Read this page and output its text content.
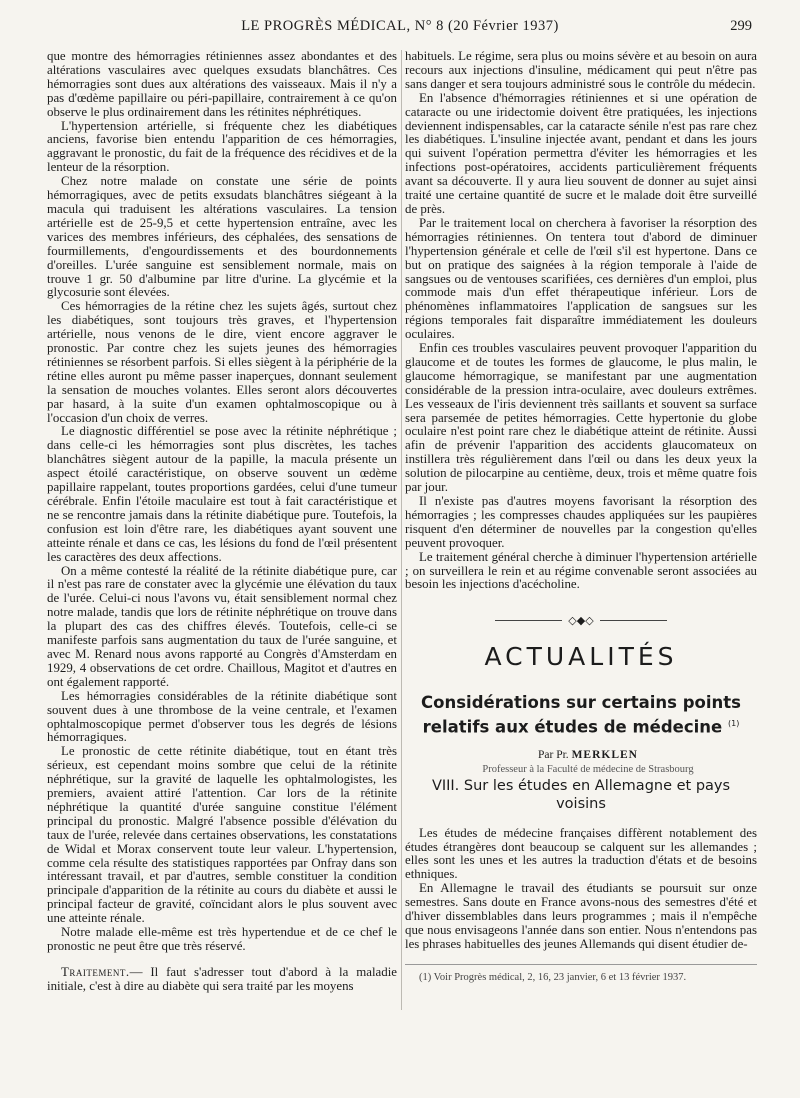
LE PROGRÈS MÉDICAL, N° 8 (20 Février 1937)	299

que montre des hémorragies rétiniennes assez abondantes et des altérations vasculaires avec quelques exsudats blanchâtres. Ces hémorragies sont dues aux altérations des vaisseaux. Mais il n'y a pas d'œdème papillaire ou péri-papillaire, contrairement à ce qu'on observe le plus ordinairement dans les rétinites néphrétiques.

L'hypertension artérielle, si fréquente chez les diabétiques anciens, favorise bien entendu l'apparition de ces hémorragies, aggravant le pronostic, du fait de la fréquence des récidives et de la lenteur de la résorption.

Chez notre malade on constate une série de points hémorragiques, avec de petits exsudats blanchâtres siégeant à la macula qui traduisent les altérations vasculaires. La tension artérielle est de 25-9,5 et cette hypertension entraîne, avec les varices des membres inférieurs, des céphalées, des sensations de fourmillements, d'engourdissements et des bourdonnements d'oreilles. L'urée sanguine est sensiblement normale, mais on trouve 1 gr. 50 d'albumine par litre d'urine. La glycémie et la glycosurie sont élevées.

Ces hémorragies de la rétine chez les sujets âgés, surtout chez les diabétiques, sont toujours très graves, et l'hypertension artérielle, nous venons de le dire, vient encore aggraver le pronostic. Par contre chez les sujets jeunes des hémorragies rétiniennes se résorbent parfois. Si elles siègent à la périphérie de la rétine elles auront pu même passer inaperçues, donnant seulement la sensation de mouches volantes. Elles seront alors découvertes par hasard, à la suite d'un examen ophtalmoscopique ou à l'occasion d'un choix de verres.

Le diagnostic différentiel se pose avec la rétinite néphrétique ; dans celle-ci les hémorragies sont plus discrètes, les taches blanchâtres siègent autour de la papille, la macula présente un aspect étoilé caractéristique, on observe souvent un œdème papillaire rappelant, toutes proportions gardées, celui d'une tumeur cérébrale. Enfin l'étoile maculaire est tout à fait caractéristique et ne se rencontre jamais dans la rétinite diabétique pure. Toutefois, la confusion est loin d'être rare, les diabétiques ayant souvent une atteinte rénale et dans ce cas, les lésions du fond de l'œil présentent les caractères des deux affections.

On a même contesté la réalité de la rétinite diabétique pure, car il n'est pas rare de constater avec la glycémie une élévation du taux de l'urée. Celui-ci nous l'avons vu, était sensiblement normal chez notre malade, tandis que lors de rétinite néphrétique on trouve dans la plupart des cas des chiffres élevés. Toutefois, celle-ci se manifeste parfois sans augmentation du taux de l'urée sanguine, et avec M. Renard nous avons rapporté au Congrès d'Amsterdam en 1929, 4 observations de cet ordre. Chaillous, Magitot et d'autres en ont également rapporté.

Les hémorragies considérables de la rétinite diabétique sont souvent dues à une thrombose de la veine centrale, et l'examen ophtalmoscopique permet d'observer tous les degrés de lésions hémorragiques.

Le pronostic de cette rétinite diabétique, tout en étant très sérieux, est cependant moins sombre que celui de la rétinite néphrétique, sur la gravité de laquelle les ophtalmologistes, les premiers, avaient attiré l'attention. Car lors de la rétinite néphrétique la quantité d'urée sanguine constitue l'élément principal du pronostic. Malgré l'absence possible d'élévation du taux de l'urée, relevée dans certaines observations, les constatations de Widal et Morax conservent toute leur valeur. L'hypertension, comme cela résulte des statistiques rapportées par Onfray dans son intéressant travail, et par d'autres, semble constituer la condition principale d'apparition de la rétinite au cours du diabète et aussi le principal facteur de gravité, coïncidant alors le plus souvent avec une atteinte rénale.

Notre malade elle-même est très hypertendue et de ce chef le pronostic ne peut être que très réservé.

Traitement.— Il faut s'adresser tout d'abord à la maladie initiale, c'est à dire au diabète qui sera traité par les moyens

habituels. Le régime, sera plus ou moins sévère et au besoin on aura recours aux injections d'insuline, médicament qui peut n'être pas sans danger et sera toujours administré sous le contrôle du médecin.

En l'absence d'hémorragies rétiniennes et si une opération de cataracte ou une iridectomie doivent être pratiquées, les injections deviennent indispensables, car la cataracte sénile n'est pas rare chez les diabétiques. L'insuline injectée avant, pendant et dans les jours qui suivent l'opération permettra d'éviter les hémorragies et les infections post-opératoires, accidents particulièrement fréquents avant sa découverte. Il y aura lieu souvent de donner au sujet ainsi traité une certaine quantité de sucre et le malade doit être surveillé de près.

Par le traitement local on cherchera à favoriser la résorption des hémorragies rétiniennes. On tentera tout d'abord de diminuer l'hypertension générale et celle de l'œil s'il est hypertone. Dans ce but on pratique des saignées à la région temporale à l'aide de sangsues ou de ventouses scarifiées, ces dernières d'un emploi, plus commode mais d'un effet thérapeutique inférieur. Lors de phénomènes inflammatoires l'application de sangsues sur les régions temporales fait disparaître immédiatement les douleurs oculaires.

Enfin ces troubles vasculaires peuvent provoquer l'apparition du glaucome et de toutes les formes de glaucome, le plus malin, le glaucome hémorragique, se manifestant par une augmentation considérable de la pression intra-oculaire, avec douleurs extrêmes. Les vesseaux de l'iris deviennent très saillants et souvent sa surface sera parsemée de petites hémorragies. Cette hypertonie du globe oculaire n'est point rare chez le diabétique atteint de rétinite. Aussi afin de prévenir l'apparition des accidents glaucomateux on instillera très régulièrement dans l'œil ou dans les deux yeux la solution de pilocarpine au centième, deux, trois et même quatre fois par jour.

Il n'existe pas d'autres moyens favorisant la résorption des hémorragies ; les compresses chaudes appliquées sur les paupières risquent d'en déterminer de nouvelles par la congestion qu'elles peuvent provoquer.

Le traitement général cherche à diminuer l'hypertension artérielle ; on surveillera le rein et au régime convenable seront associées au besoin les injections d'acécholine.

◇◆◇
ACTUALITÉS
Considérations sur certains points relatifs aux études de médecine $^{(1)}$

Par Pr. MERKLEN

Professeur à la Faculté de médecine de Strasbourg

VIII. Sur les études en Allemagne et pays voisins

Les études de médecine françaises diffèrent notablement des études étrangères dont beaucoup se calquent sur les allemandes ; elles sont les unes et les autres la traduction d'états et de besoins ethniques.

En Allemagne le travail des étudiants se poursuit sur onze semestres. Sans doute en France avons-nous des semestres d'été et d'hiver dissemblables dans leurs programmes ; mais il n'empêche que nous envisageons l'année dans son entier. Nous n'entendons pas les phrases habituelles des jeunes Allemands qui disent étudier de-

(1) Voir Progrès médical, 2, 16, 23 janvier, 6 et 13 février 1937.
